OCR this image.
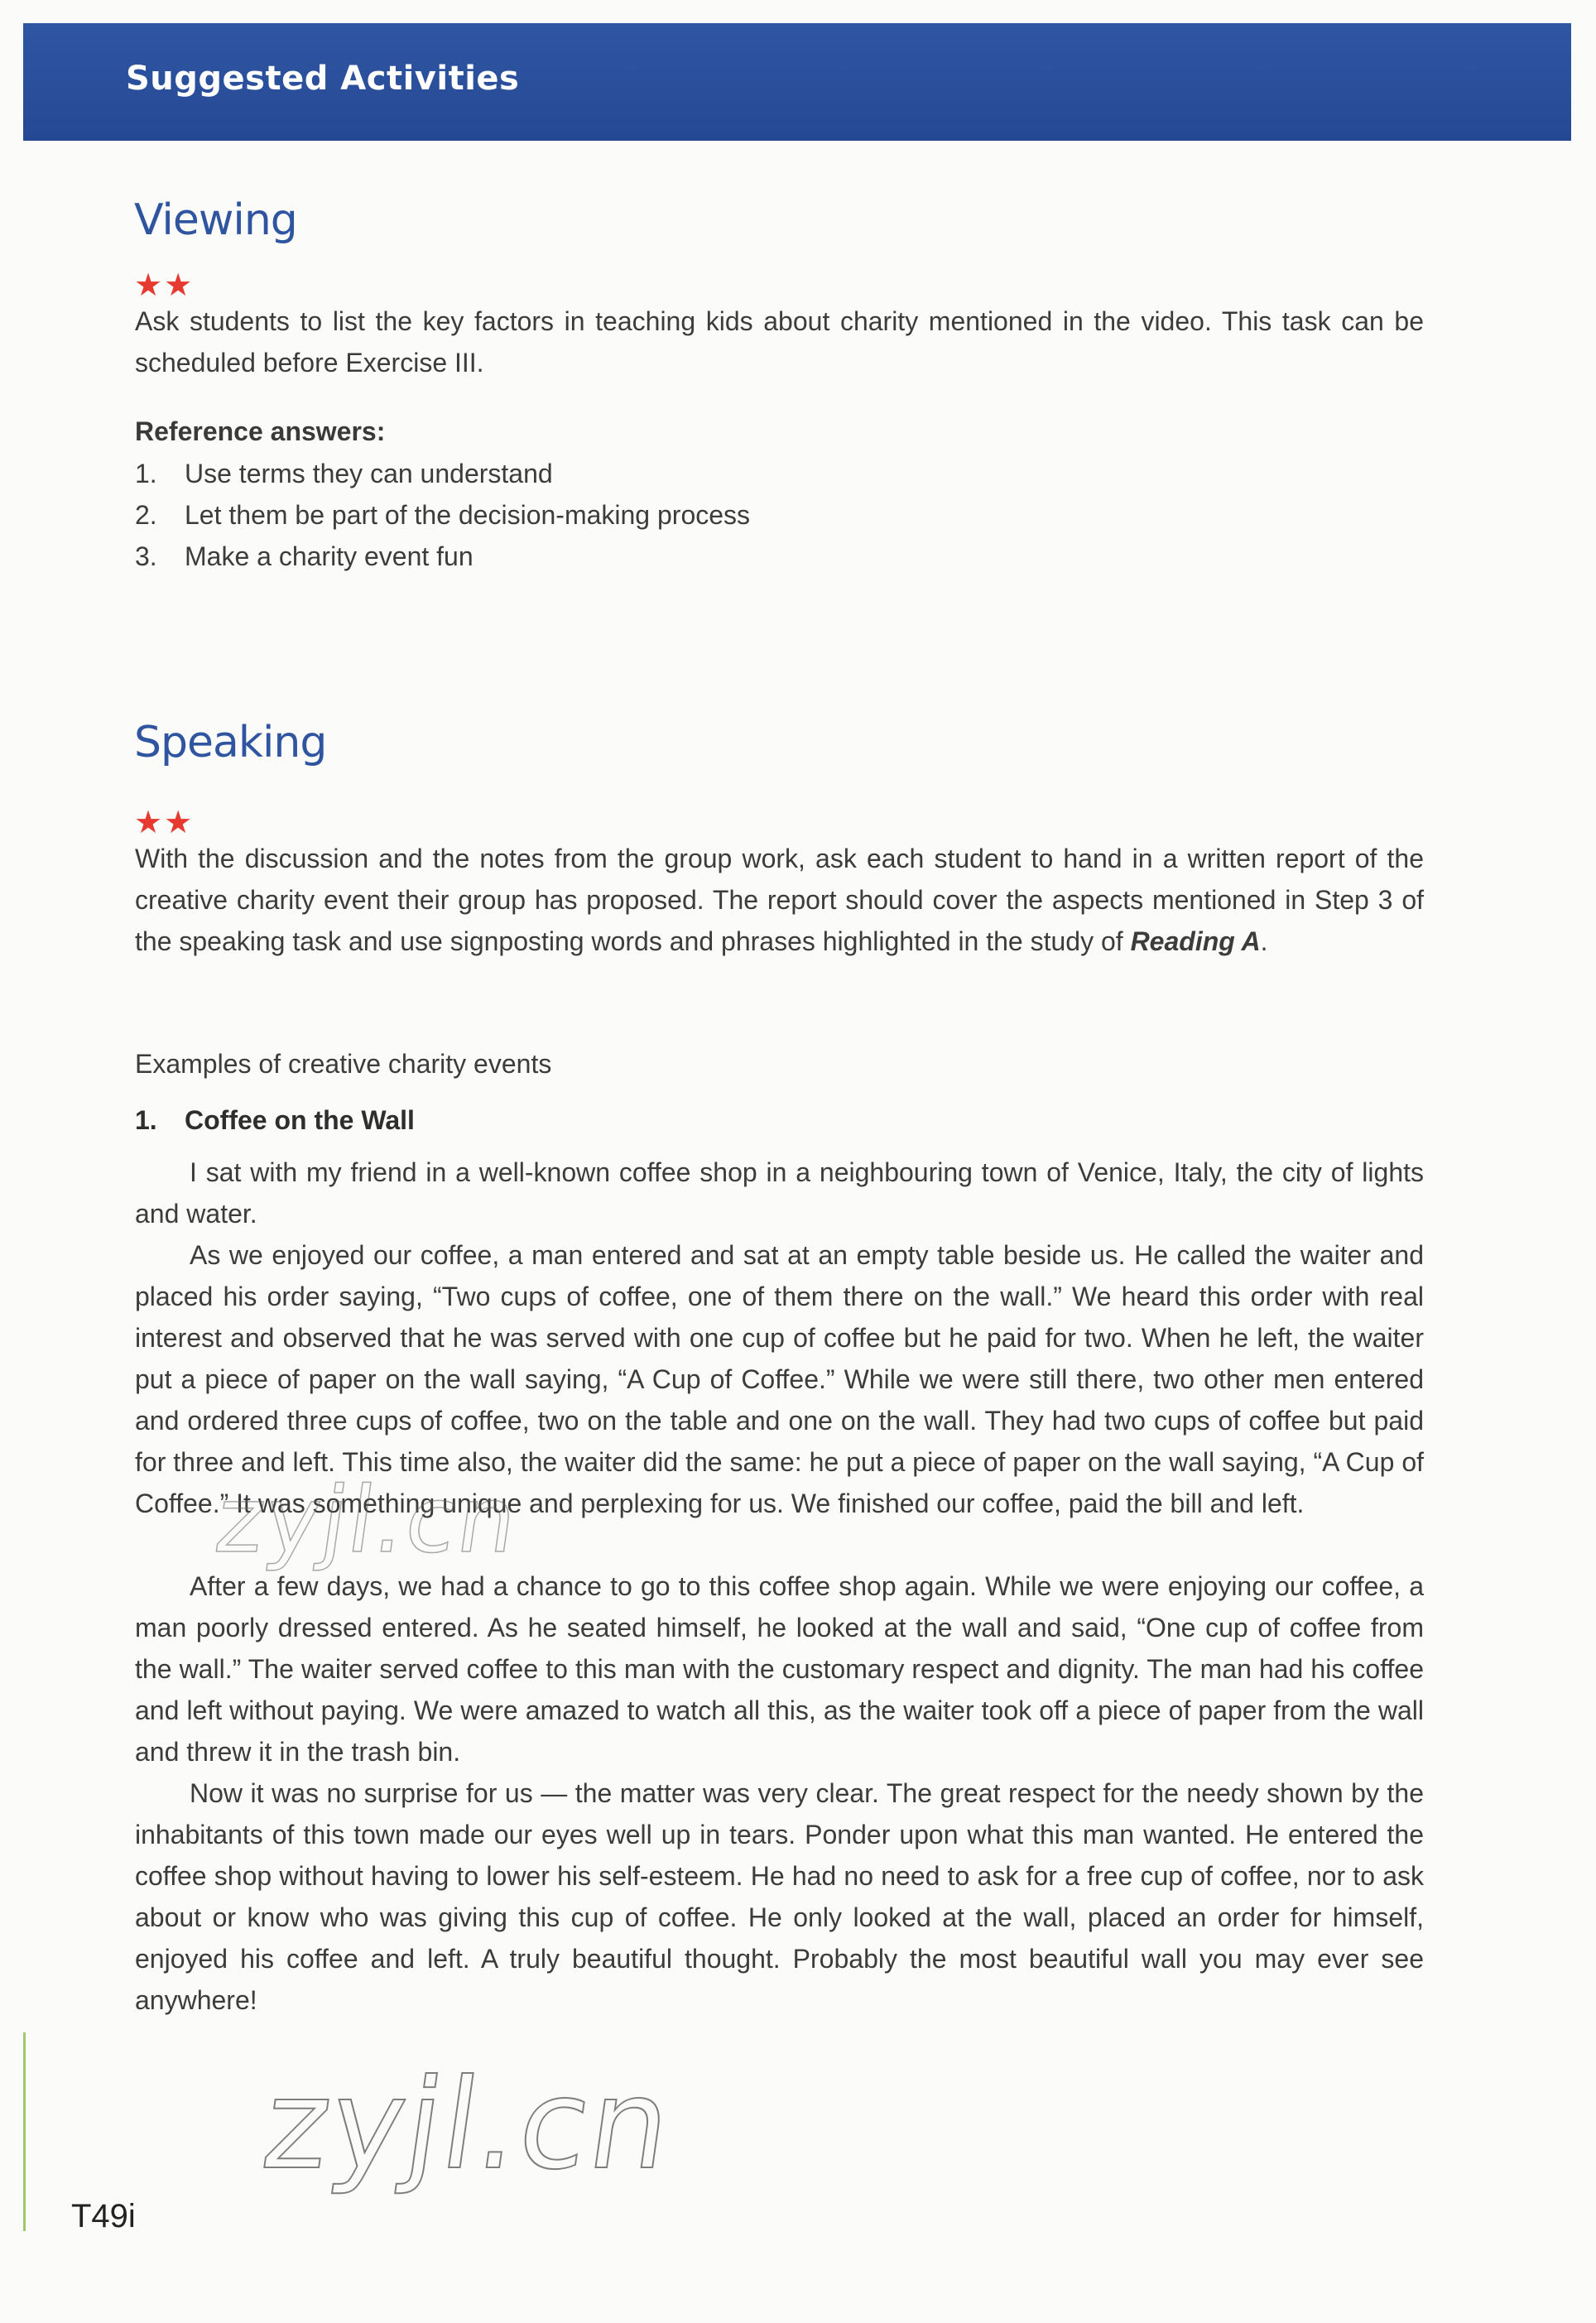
Suggested Activities
Viewing
★★
Ask students to list the key factors in teaching kids about charity mentioned in the video. This task can be scheduled before Exercise III.
Reference answers:
1. Use terms they can understand
2. Let them be part of the decision-making process
3. Make a charity event fun
Speaking
★★
With the discussion and the notes from the group work, ask each student to hand in a written report of the creative charity event their group has proposed. The report should cover the aspects mentioned in Step 3 of the speaking task and use signposting words and phrases highlighted in the study of Reading A.
Examples of creative charity events
1. Coffee on the Wall
I sat with my friend in a well-known coffee shop in a neighbouring town of Venice, Italy, the city of lights and water.
As we enjoyed our coffee, a man entered and sat at an empty table beside us. He called the waiter and placed his order saying, “Two cups of coffee, one of them there on the wall.” We heard this order with real interest and observed that he was served with one cup of coffee but he paid for two. When he left, the waiter put a piece of paper on the wall saying, “A Cup of Coffee.” While we were still there, two other men entered and ordered three cups of coffee, two on the table and one on the wall. They had two cups of coffee but paid for three and left. This time also, the waiter did the same: he put a piece of paper on the wall saying, “A Cup of Coffee.” It was something unique and perplexing for us. We finished our coffee, paid the bill and left.
After a few days, we had a chance to go to this coffee shop again. While we were enjoying our coffee, a man poorly dressed entered. As he seated himself, he looked at the wall and said, “One cup of coffee from the wall.” The waiter served coffee to this man with the customary respect and dignity. The man had his coffee and left without paying. We were amazed to watch all this, as the waiter took off a piece of paper from the wall and threw it in the trash bin.
Now it was no surprise for us — the matter was very clear. The great respect for the needy shown by the inhabitants of this town made our eyes well up in tears. Ponder upon what this man wanted. He entered the coffee shop without having to lower his self-esteem. He had no need to ask for a free cup of coffee, nor to ask about or know who was giving this cup of coffee. He only looked at the wall, placed an order for himself, enjoyed his coffee and left. A truly beautiful thought. Probably the most beautiful wall you may ever see anywhere!
zyjl.cn
zyjl.cn
T49i
